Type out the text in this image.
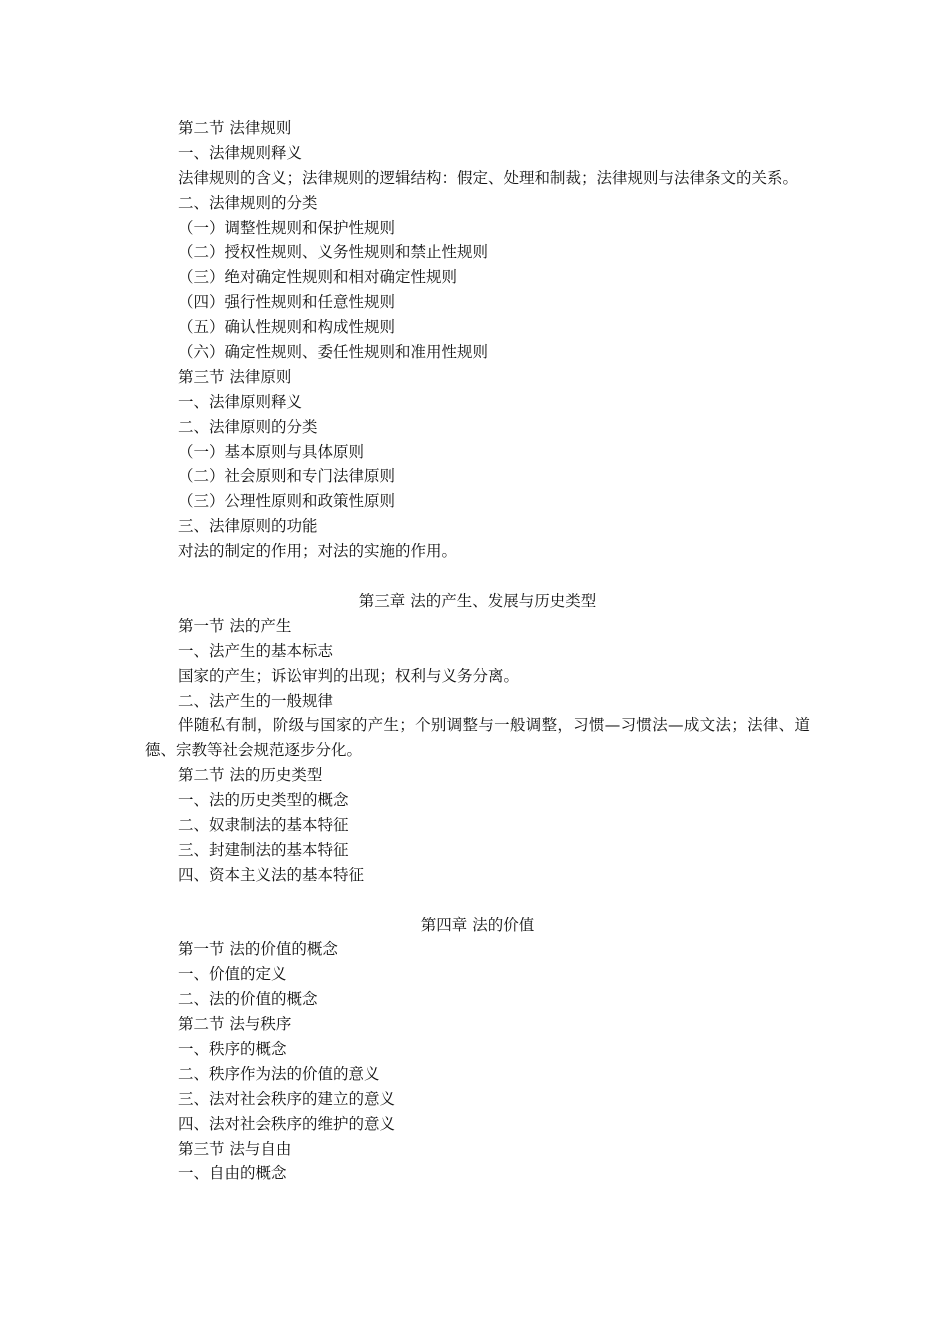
第二节 法律规则
一、法律规则释义
法律规则的含义；法律规则的逻辑结构：假定、处理和制裁；法律规则与法律条文的关系。
二、法律规则的分类
（一）调整性规则和保护性规则
（二）授权性规则、义务性规则和禁止性规则
（三）绝对确定性规则和相对确定性规则
（四）强行性规则和任意性规则
（五）确认性规则和构成性规则
（六）确定性规则、委任性规则和准用性规则
第三节 法律原则
一、法律原则释义
二、法律原则的分类
（一）基本原则与具体原则
（二）社会原则和专门法律原则
（三）公理性原则和政策性原则
三、法律原则的功能
对法的制定的作用；对法的实施的作用。
第三章 法的产生、发展与历史类型
第一节 法的产生
一、法产生的基本标志
国家的产生；诉讼审判的出现；权利与义务分离。
二、法产生的一般规律
伴随私有制，阶级与国家的产生；个别调整与一般调整，习惯—习惯法—成文法；法律、道德、宗教等社会规范逐步分化。
第二节 法的历史类型
一、法的历史类型的概念
二、奴隶制法的基本特征
三、封建制法的基本特征
四、资本主义法的基本特征
第四章 法的价值
第一节 法的价值的概念
一、价值的定义
二、法的价值的概念
第二节 法与秩序
一、秩序的概念
二、秩序作为法的价值的意义
三、法对社会秩序的建立的意义
四、法对社会秩序的维护的意义
第三节 法与自由
一、自由的概念
